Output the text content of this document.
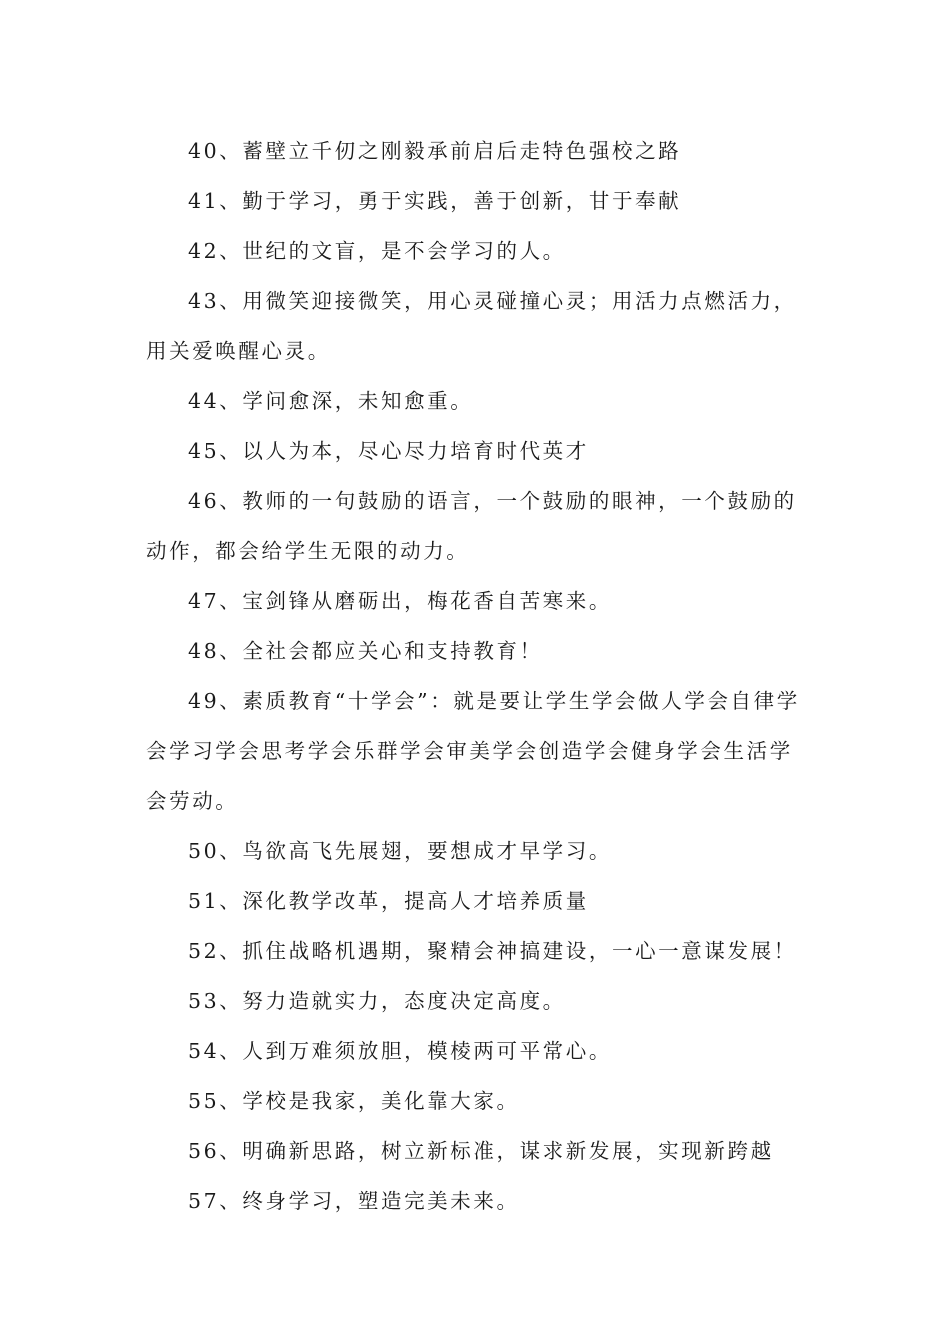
40、蓄壁立千仞之刚毅承前启后走特色强校之路

41、勤于学习，勇于实践，善于创新，甘于奉献

42、世纪的文盲，是不会学习的人。

43、用微笑迎接微笑，用心灵碰撞心灵；用活力点燃活力，用关爱唤醒心灵。

44、学问愈深，未知愈重。

45、以人为本，尽心尽力培育时代英才

46、教师的一句鼓励的语言，一个鼓励的眼神，一个鼓励的动作，都会给学生无限的动力。

47、宝剑锋从磨砺出，梅花香自苦寒来。

48、全社会都应关心和支持教育！

49、素质教育“十学会”：就是要让学生学会做人学会自律学会学习学会思考学会乐群学会审美学会创造学会健身学会生活学会劳动。

50、鸟欲高飞先展翅，要想成才早学习。

51、深化教学改革，提高人才培养质量

52、抓住战略机遇期，聚精会神搞建设，一心一意谋发展！

53、努力造就实力，态度决定高度。

54、人到万难须放胆，模棱两可平常心。

55、学校是我家，美化靠大家。

56、明确新思路，树立新标准，谋求新发展，实现新跨越

57、终身学习，塑造完美未来。
